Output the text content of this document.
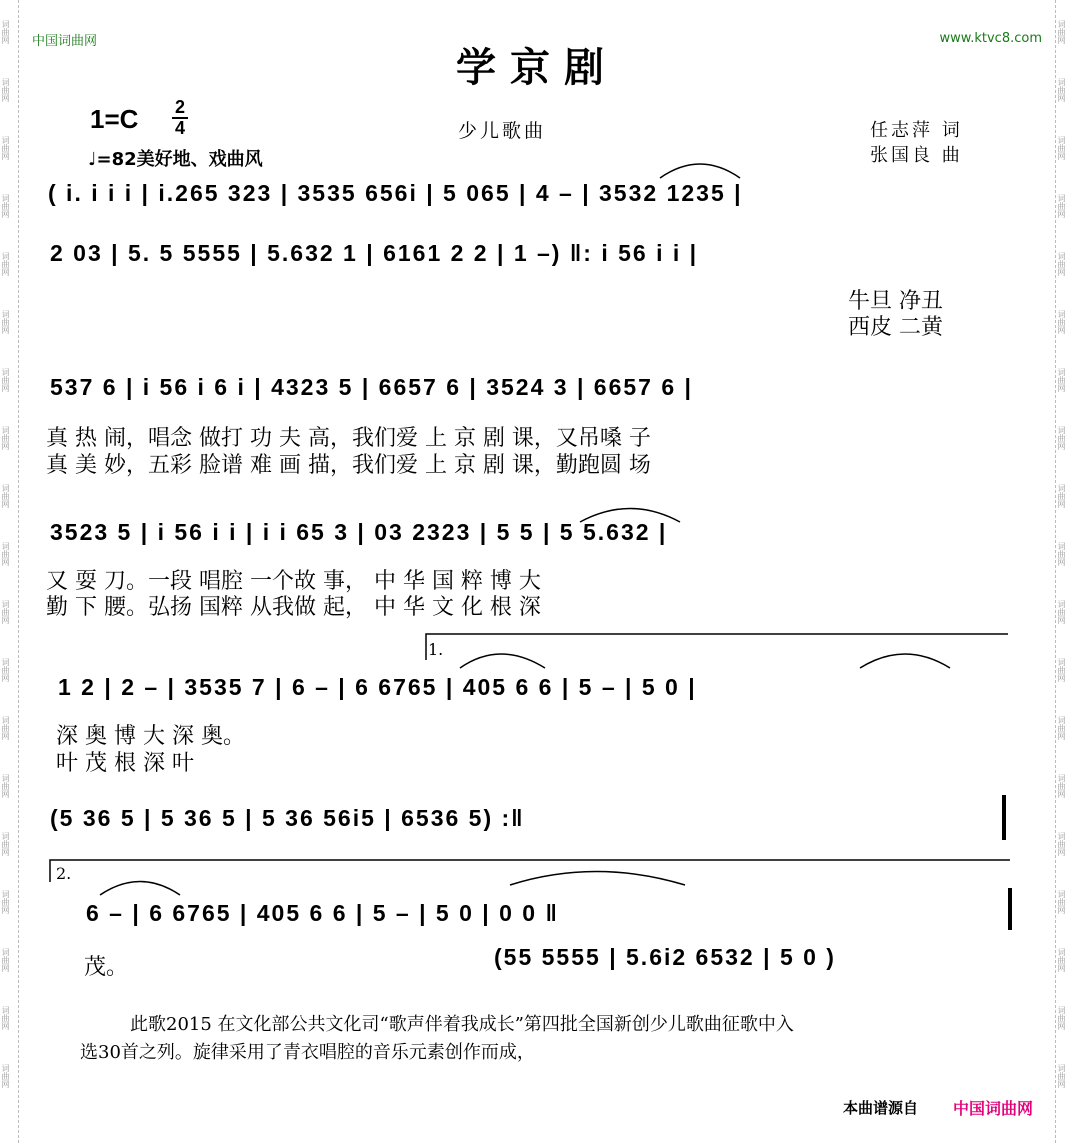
词曲网
词曲网
词曲网
词曲网
词曲网
词曲网
词曲网
词曲网
词曲网
词曲网
词曲网
词曲网
词曲网
词曲网
词曲网
词曲网
词曲网
词曲网
词曲网
词曲网
词曲网
词曲网
词曲网
词曲网
词曲网
词曲网
词曲网
词曲网
词曲网
词曲网
词曲网
词曲网
词曲网
词曲网
词曲网
词曲网
词曲网
词曲网
中国词曲网	www.ktvc8.com
学京剧
1=C 2
4
♩=82美好地、戏曲风
少儿歌曲	任志萍 词
张国良 曲
( i. i i i | i.265 323 | 3535 656i | 5 065 | 4 – | 3532 1235 |
2 03 | 5. 5 5555 | 5.632 1 | 6161 2 2 | 1 –) ‖: i 56 i i |
牛旦 净丑
西皮 二黄
537 6 | i 56 i 6 i | 4323 5 | 6657 6 | 3524 3 | 6657 6 |
真 热 闹，唱念 做打 功 夫 高，我们爱 上 京 剧 课，又吊嗓 子
真 美 妙，五彩 脸谱 难 画 描，我们爱 上 京 剧 课，勤跑圆 场
3523 5 | i 56 i i | i i 65 3 | 03 2323 | 5 5 | 5 5.632 |
又 耍 刀。一段 唱腔 一个故 事， 中 华 国 粹 博 大
勤 下 腰。弘扬 国粹 从我做 起， 中 华 文 化 根 深
1 2 | 2 – | 3535 7 | 6 – | 6 6765 | 405 6 6 | 5 – | 5 0 |
1.
深 奥 博 大 深 奥。
叶 茂 根 深 叶
(5 36 5 | 5 36 5 | 5 36 56i5 | 6536 5) :‖
2.
6 – | 6 6765 | 405 6 6 | 5 – | 5 0 | 0 0 ‖
(55 5555 | 5.6i2 6532 | 5 0 )
茂。
此歌2015 在文化部公共文化司“歌声伴着我成长”第四批全国新创少儿歌曲征歌中入
选30首之列。旋律采用了青衣唱腔的音乐元素创作而成，
本曲谱源自 中国词曲网
